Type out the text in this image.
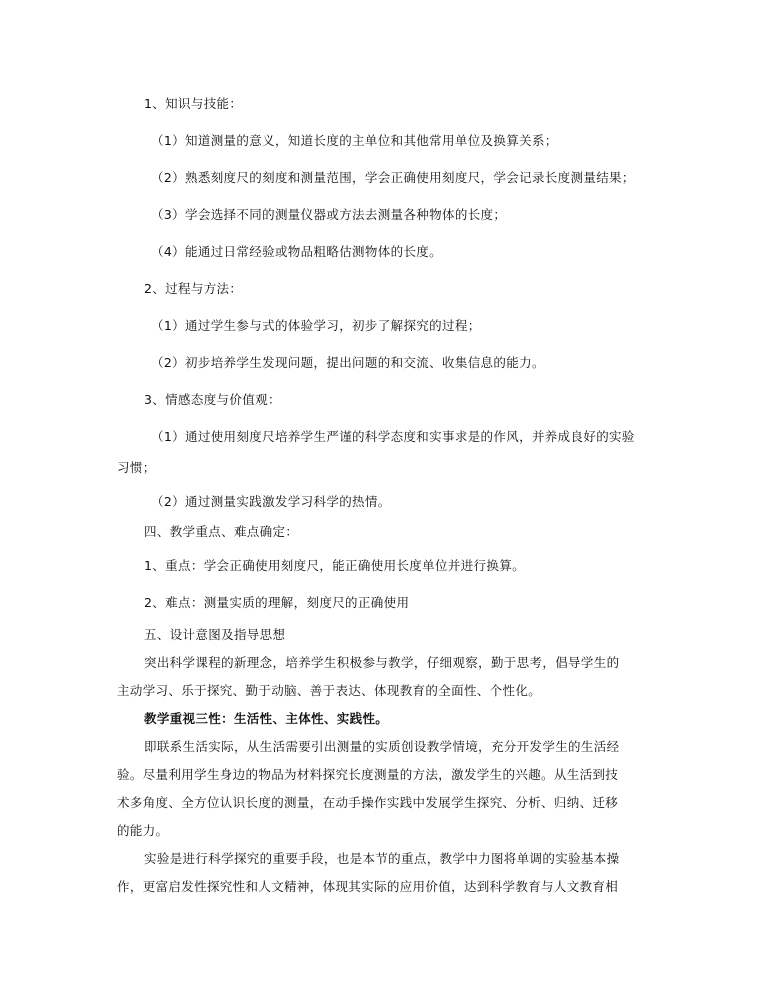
1、知识与技能：
（1）知道测量的意义，知道长度的主单位和其他常用单位及换算关系；
（2）熟悉刻度尺的刻度和测量范围，学会正确使用刻度尺，学会记录长度测量结果；
（3）学会选择不同的测量仪器或方法去测量各种物体的长度；
（4）能通过日常经验或物品粗略估测物体的长度。
2、过程与方法：
（1）通过学生参与式的体验学习，初步了解探究的过程；
（2）初步培养学生发现问题，提出问题的和交流、收集信息的能力。
3、情感态度与价值观：
（1）通过使用刻度尺培养学生严谨的科学态度和实事求是的作风，并养成良好的实验
习惯；
（2）通过测量实践激发学习科学的热情。
四、教学重点、难点确定：
1、重点：学会正确使用刻度尺，能正确使用长度单位并进行换算。
2、难点：测量实质的理解，刻度尺的正确使用
五、设计意图及指导思想
突出科学课程的新理念，培养学生积极参与教学，仔细观察，勤于思考，倡导学生的
主动学习、乐于探究、勤于动脑、善于表达、体现教育的全面性、个性化。
教学重视三性：生活性、主体性、实践性。
即联系生活实际，从生活需要引出测量的实质创设教学情境，充分开发学生的生活经
验。尽量利用学生身边的物品为材料探究长度测量的方法，激发学生的兴趣。从生活到技
术多角度、全方位认识长度的测量，在动手操作实践中发展学生探究、分析、归纳、迁移
的能力。
实验是进行科学探究的重要手段，也是本节的重点，教学中力图将单调的实验基本操
作，更富启发性探究性和人文精神，体现其实际的应用价值，达到科学教育与人文教育相
